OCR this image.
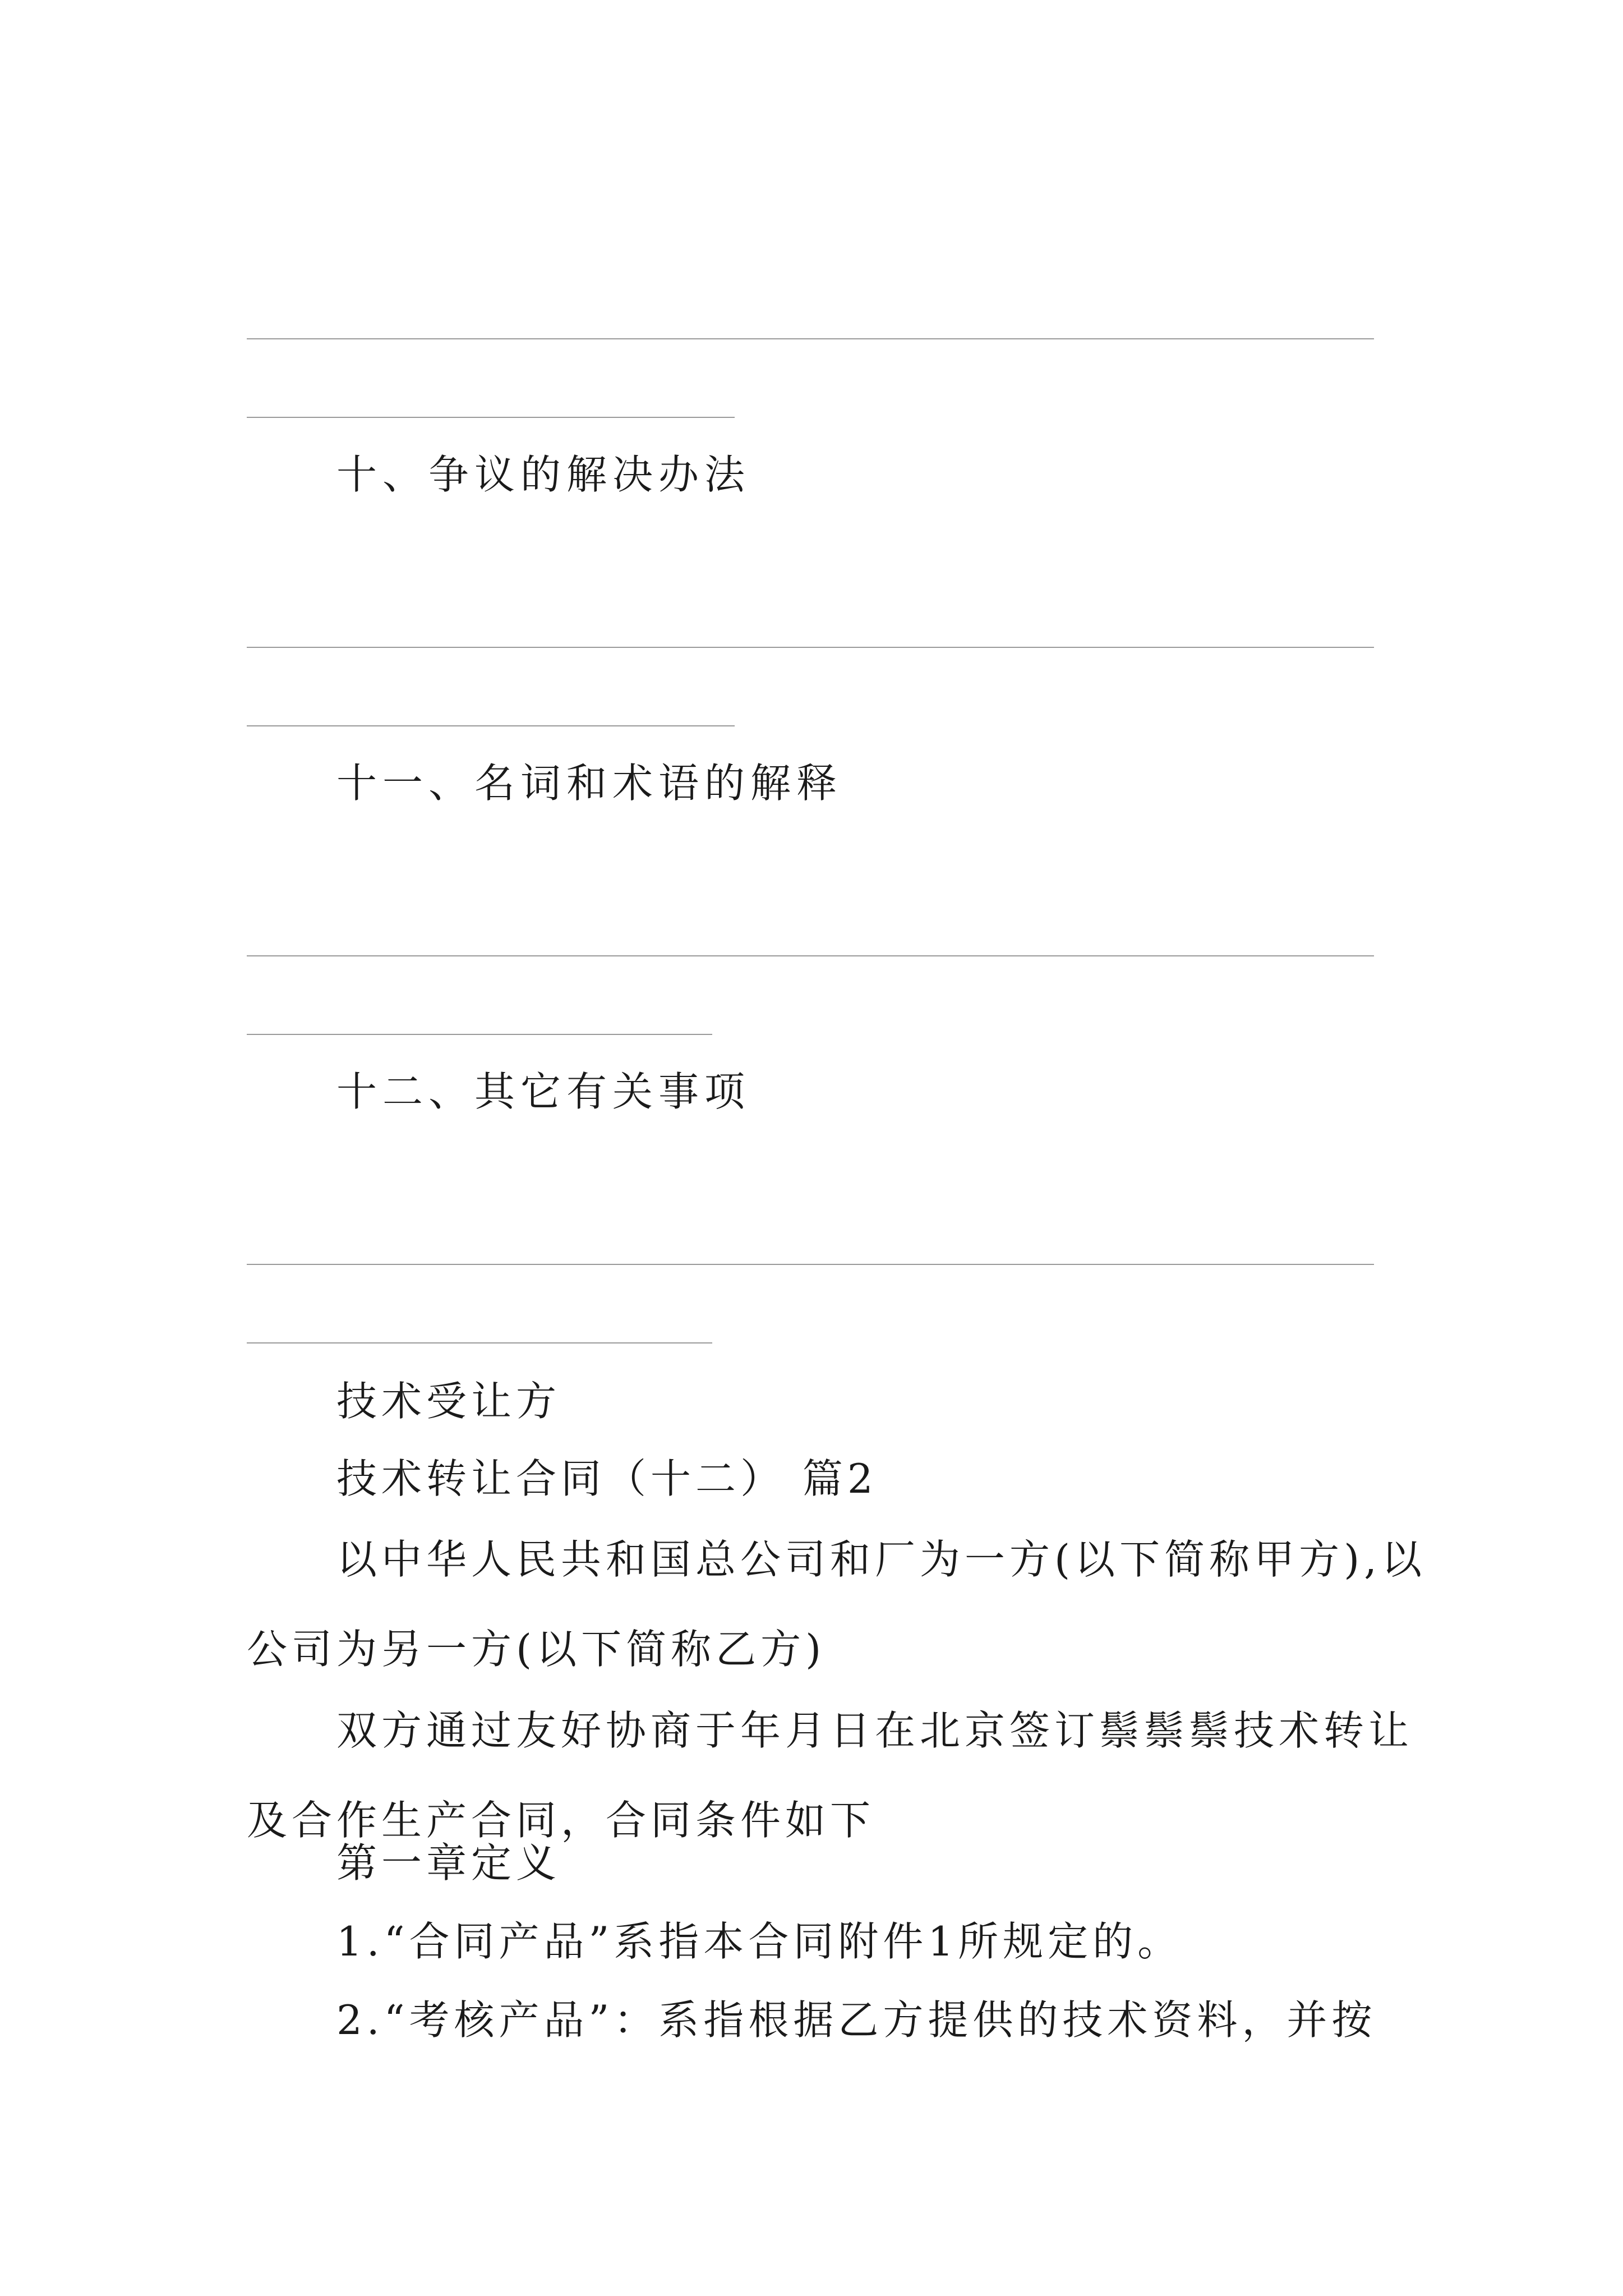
十、争议的解决办法
十一、名词和术语的解释
十二、其它有关事项
技术受让方
技术转让合同（十二） 篇2

以中华人民共和国总公司和厂为一方(以下简称甲方),以公司为另一方(以下简称乙方)

双方通过友好协商于年月日在北京签订鬃鬃鬃技术转让及合作生产合同，合同条件如下

第一章定义
1.“合同产品”系指本合同附件1所规定的。
2.“考核产品”：系指根据乙方提供的技术资料，并按
